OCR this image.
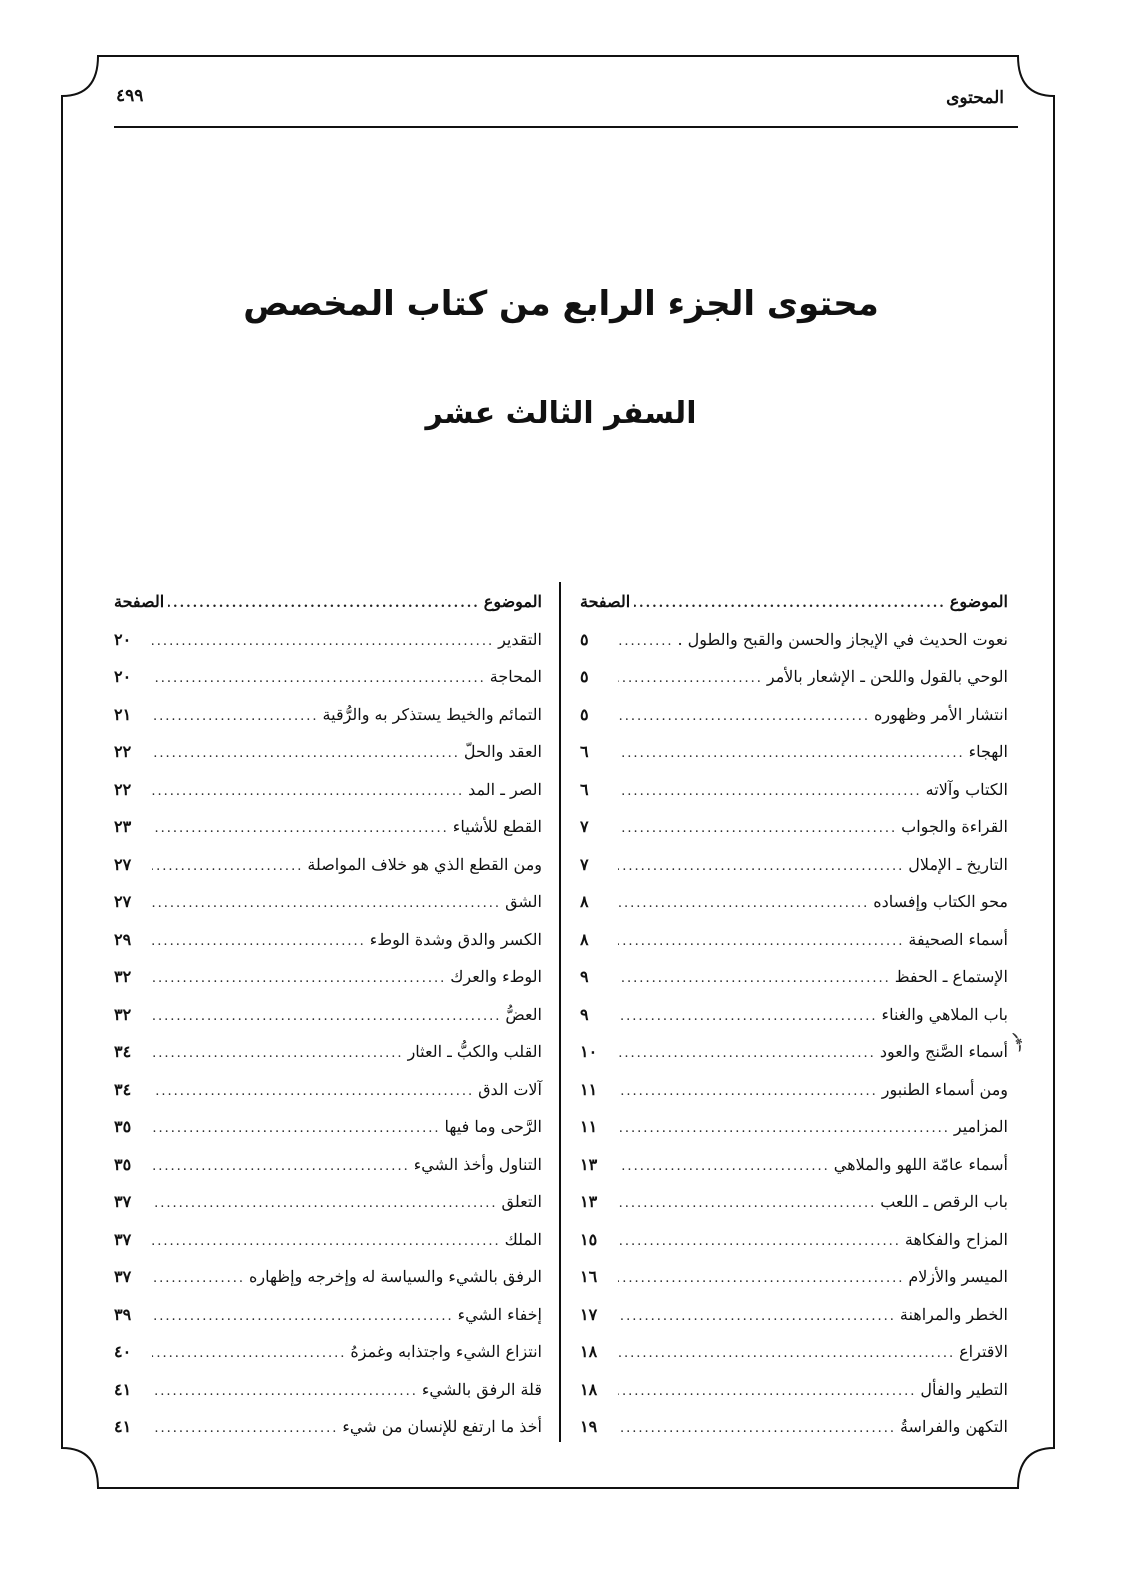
المحتوى
٤٩٩
محتوى الجزء الرابع من كتاب المخصص
السفر الثالث عشر
الموضوع
.....
الصفحة
نعوت الحديث في الإيجاز والحسن والقبح والطول .
.....
٥
الوحي بالقول واللحن ـ الإشعار بالأمر
.....
٥
انتشار الأمر وظهوره
.....
٥
الهجاء
.....
٦
الكتاب وآلاته
.....
٦
القراءة والجواب
.....
٧
التاريخ ـ الإملال
.....
٧
محو الكتاب وإفساده
.....
٨
أسماء الصحيفة
.....
٨
الإستماع ـ الحفظ
.....
٩
باب الملاهي والغناء
.....
٩
أسماء الصَّنج والعود
.....
١٠
ومن أسماء الطنبور
.....
١١
المزامير
.....
١١
أسماء عامّة اللهو والملاهي
.....
١٣
باب الرقص ـ اللعب
.....
١٣
المزاح والفكاهة
.....
١٥
الميسر والأزلام
.....
١٦
الخطر والمراهنة
.....
١٧
الاقتراع
.....
١٨
التطير والفأل
.....
١٨
التكهن والفراسةُ
.....
١٩
الموضوع
.....
الصفحة
التقدير
.....
٢٠
المحاجة
.....
٢٠
التمائم والخيط يستذكر به والرُّقية
.....
٢١
العقد والحلّ
.....
٢٢
الصر ـ المد
.....
٢٢
القطع للأشياء
.....
٢٣
ومن القطع الذي هو خلاف المواصلة
.....
٢٧
الشق
.....
٢٧
الكسر والدق وشدة الوطء
.....
٢٩
الوطء والعرك
.....
٣٢
العضُّ
.....
٣٢
القلب والكبُّ ـ العثار
.....
٣٤
آلات الدق
.....
٣٤
الرَّحى وما فيها
.....
٣٥
التناول وأخذ الشيء
.....
٣٥
التعلق
.....
٣٧
الملك
.....
٣٧
الرفق بالشيء والسياسة له وإخرجه وإظهاره
.....
٣٧
إخفاء الشيء
.....
٣٩
انتزاع الشيء واجتذابه وغمزهُ
.....
٤٠
قلة الرفق بالشيء
.....
٤١
أخذ ما ارتفع للإنسان من شيء
.....
٤١
﴿
